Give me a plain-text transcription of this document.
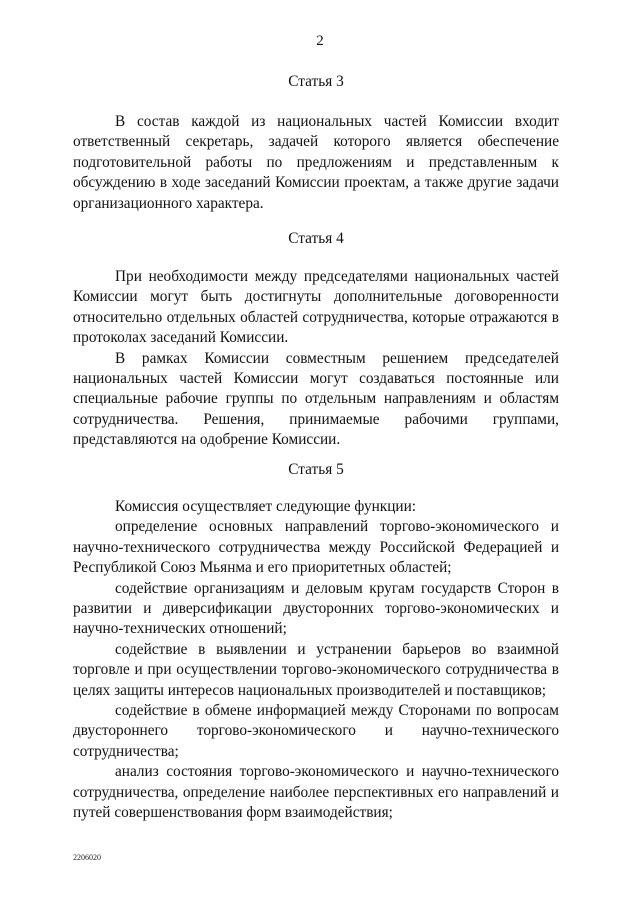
2
Статья 3

В состав каждой из национальных частей Комиссии входит ответственный секретарь, задачей которого является обеспечение подготовительной работы по предложениям и представленным к обсуждению в ходе заседаний Комиссии проектам, а также другие задачи организационного характера.

Статья 4

При необходимости между председателями национальных частей Комиссии могут быть достигнуты дополнительные договоренности относительно отдельных областей сотрудничества, которые отражаются в протоколах заседаний Комиссии.

В рамках Комиссии совместным решением председателей национальных частей Комиссии могут создаваться постоянные или специальные рабочие группы по отдельным направлениям и областям сотрудничества. Решения, принимаемые рабочими группами, представляются на одобрение Комиссии.

Статья 5

Комиссия осуществляет следующие функции:

определение основных направлений торгово-экономического и научно-технического сотрудничества между Российской Федерацией и Республикой Союз Мьянма и его приоритетных областей;

содействие организациям и деловым кругам государств Сторон в развитии и диверсификации двусторонних торгово-экономических и научно-технических отношений;

содействие в выявлении и устранении барьеров во взаимной торговле и при осуществлении торгово-экономического сотрудничества в целях защиты интересов национальных производителей и поставщиков;

содействие в обмене информацией между Сторонами по вопросам двустороннего торгово-экономического и научно-технического сотрудничества;

анализ состояния торгово-экономического и научно-технического сотрудничества, определение наиболее перспективных его направлений и путей совершенствования форм взаимодействия;

2206020
